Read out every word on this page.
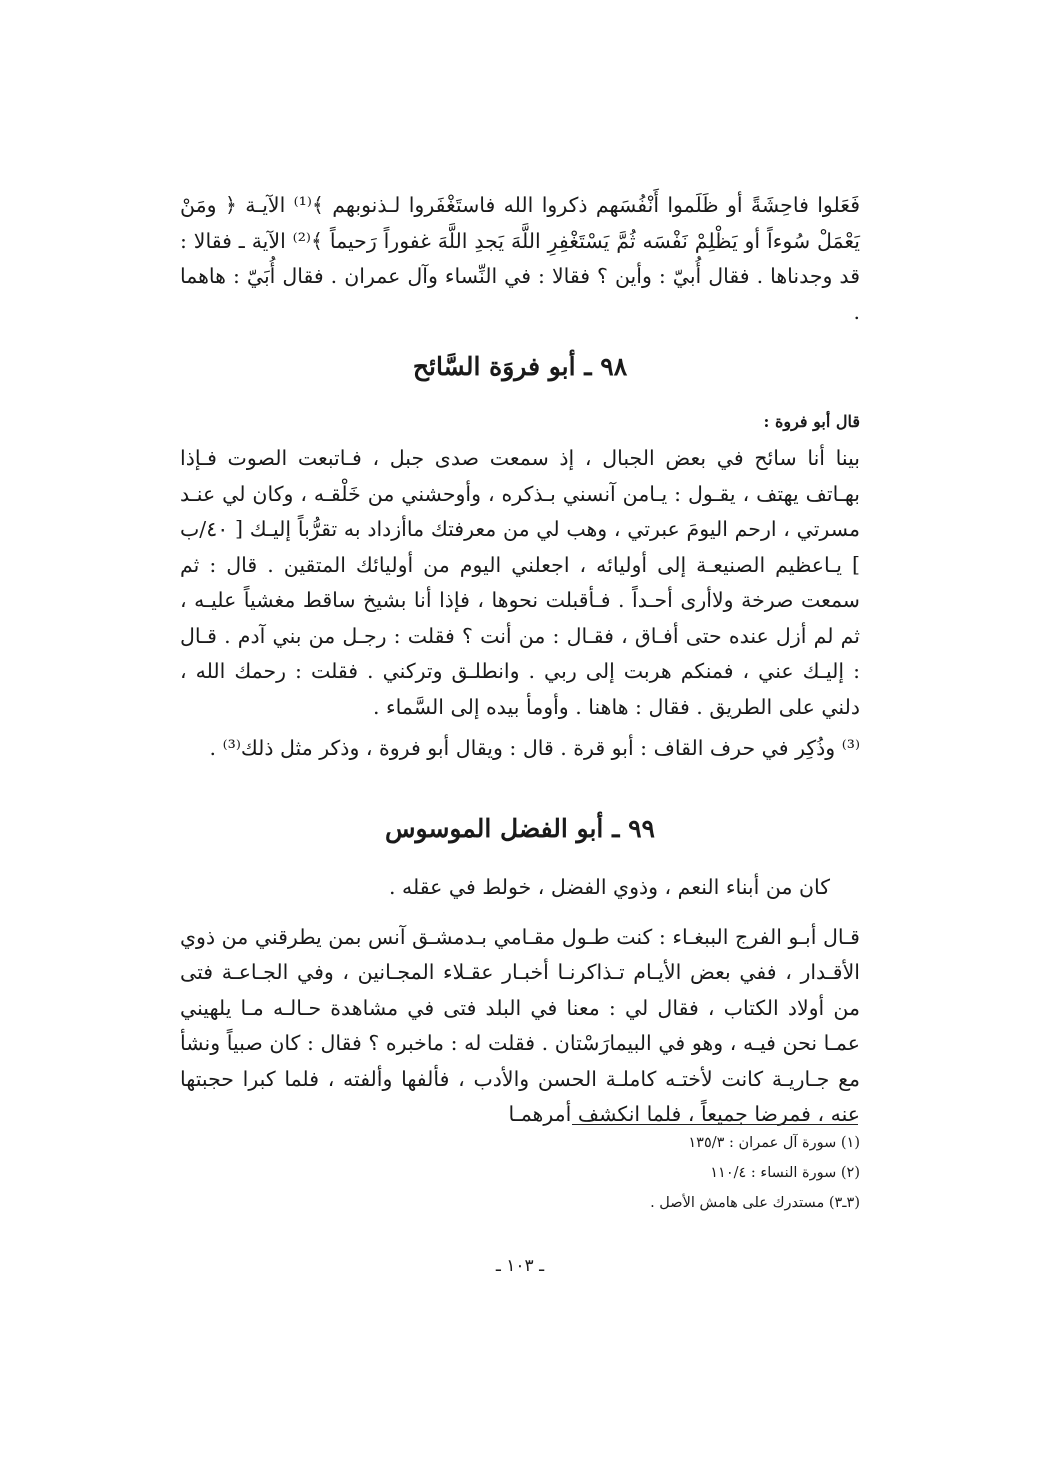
فَعَلوا فاحِشَةً أو ظَلَموا أَنْفُسَهم ذكروا الله فاستَغْفَروا لـذنوبهم ﴾⁽¹⁾ الآيـة ﴿ ومَنْ يَعْمَلْ سُوءاً أو يَظْلِمْ نَفْسَه ثُمَّ يَسْتَغْفِرِ اللَّهَ يَجدِ اللَّهَ غفوراً رَحيماً ﴾⁽²⁾ الآية ـ فقالا : قد وجدناها . فقال أُبيّ : وأين ؟ فقالا : في النِّساء وآل عمران . فقال أُبَيّ : هاهما .

٩٨ ـ أبو فروَة السَّائح

قال أبو فروة :

بينا أنا سائح في بعض الجبال ، إذ سمعت صدى جبل ، فـاتبعت الصوت فـإذا بهـاتف يهتف ، يقـول : يـامن آنسني بـذكره ، وأوحشني من خَلْقـه ، وكان لي عنـد مسرتي ، ارحم اليومَ عبرتي ، وهب لي من معرفتك ماأزداد به تقرُّباً إليـك [ ٤٠/ب ] يـاعظيم الصنيعـة إلى أوليائه ، اجعلني اليوم من أوليائك المتقين . قال : ثم سمعت صرخة ولاأرى أحـداً . فـأقبلت نحوها ، فإذا أنا بشيخ ساقط مغشياً عليـه ، ثم لم أزل عنده حتى أفـاق ، فقـال : من أنت ؟ فقلت : رجـل من بني آدم . قـال : إليـك عني ، فمنكم هربت إلى ربي . وانطلـق وتركني . فقلت : رحمك الله ، دلني على الطريق . فقال : هاهنا . وأومأ بيده إلى السَّماء .

⁽³⁾ وذُكِر في حرف القاف : أبو قرة . قال : ويقال أبو فروة ، وذكر مثل ذلك⁽³⁾ .

٩٩ ـ أبو الفضل الموسوس

كان من أبناء النعم ، وذوي الفضل ، خولط في عقله .

قـال أبـو الفرج الببغـاء : كنت طـول مقـامي بـدمشـق آنس بمن يطرقني من ذوي الأقـدار ، ففي بعض الأيـام تـذاكرنـا أخبـار عقـلاء المجـانين ، وفي الجـاعـة فتى من أولاد الكتاب ، فقال لي : معنا في البلد فتى في مشاهدة حـالـه مـا يلهيني عمـا نحن فيـه ، وهو في البيمارَسْتان . فقلت له : ماخبره ؟ فقال : كان صبياً ونشأ مع جـاريـة كانت لأختـه كاملـة الحسن والأدب ، فألفها وألفته ، فلما كبرا حجبتها عنه ، فمرضا جميعاً ، فلما انكشف أمرهمـا

(١) سورة آل عمران : ١٣٥/٣
(٢) سورة النساء : ١١٠/٤
(٣ـ٣) مستدرك على هامش الأصل .
ـ ١٠٣ ـ
